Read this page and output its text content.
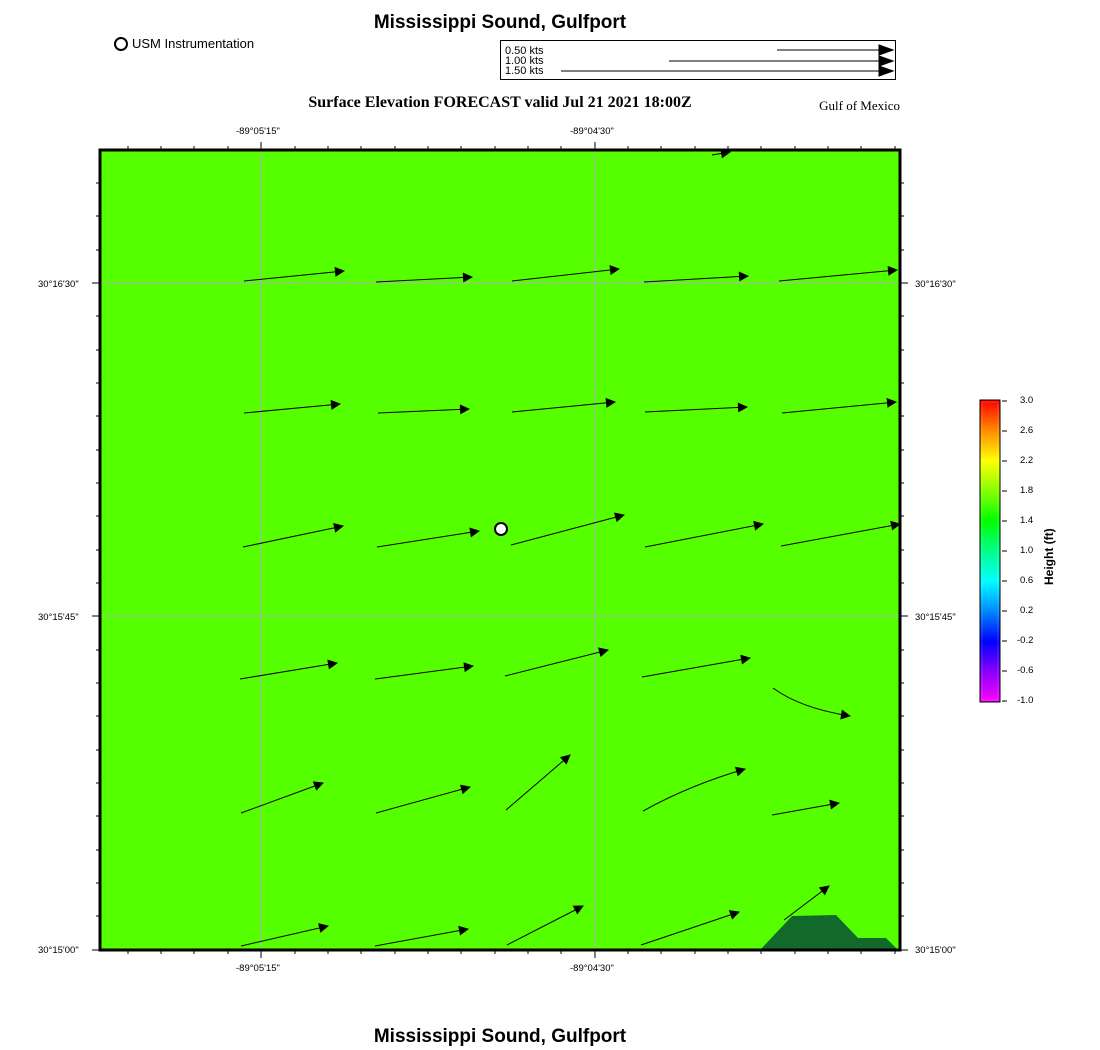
Mississippi Sound, Gulfport
Surface Elevation FORECAST valid Jul 21 2021 18:00Z	Gulf of Mexico
Mississippi Sound, Gulfport
USM Instrumentation	0.50 kts
1.00 kts
1.50 kts
-89°05'15"	-89°04'30"
-89°05'15"	-89°04'30"
30°16'30"
30°15'45"
30°15'00"
30°16'30"
30°15'45"
30°15'00"
3.0
2.6
2.2
1.8
1.4
1.0
0.6
0.2
-0.2
-0.6
-1.0
Height (ft)
